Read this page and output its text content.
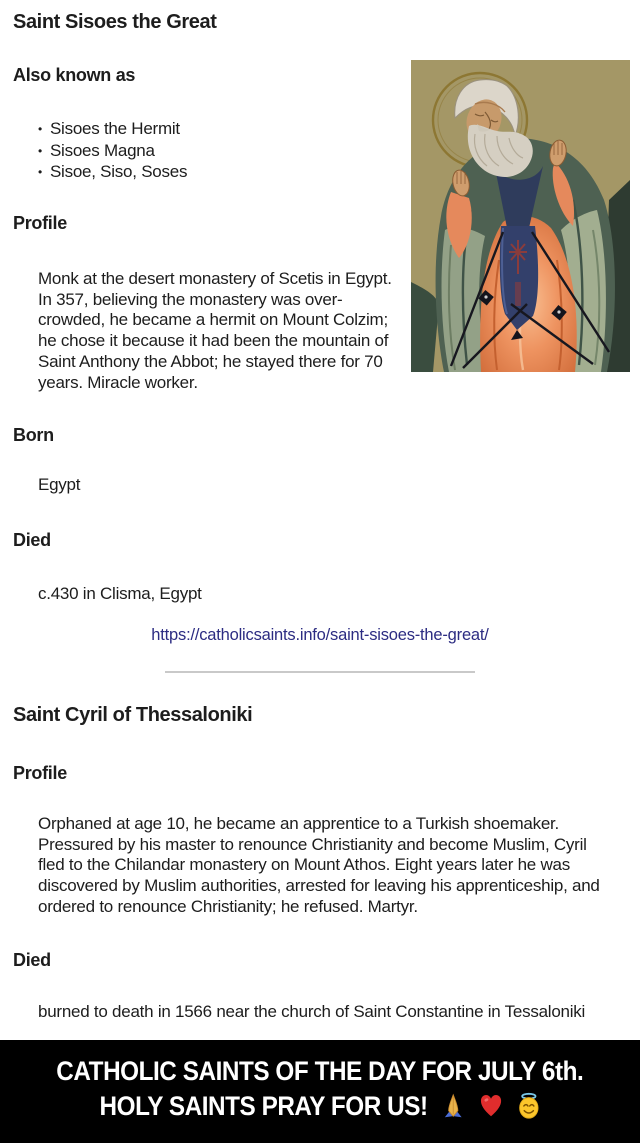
Saint Sisoes the Great
Also known as
• Sisoes the Hermit
• Sisoes Magna
• Sisoe, Siso, Soses
Profile

Monk at the desert monastery of Scetis in Egypt. In 357, believing the monastery was over-crowded, he became a hermit on Mount Colzim; he chose it because it had been the mountain of Saint Anthony the Abbot; he stayed there for 70 years. Miracle worker.

Born

Egypt

Died

c.430 in Clisma, Egypt

https://catholicsaints.info/saint-sisoes-the-great/
Saint Cyril of Thessaloniki
Profile

Orphaned at age 10, he became an apprentice to a Turkish shoemaker. Pressured by his master to renounce Christianity and become Muslim, Cyril fled to the Chilandar monastery on Mount Athos. Eight years later he was discovered by Muslim authorities, arrested for leaving his apprenticeship, and ordered to renounce Christianity; he refused. Martyr.

Died

burned to death in 1566 near the church of Saint Constantine in Tessaloniki

CATHOLIC SAINTS OF THE DAY FOR JULY 6th.
HOLY SAINTS PRAY FOR US!
